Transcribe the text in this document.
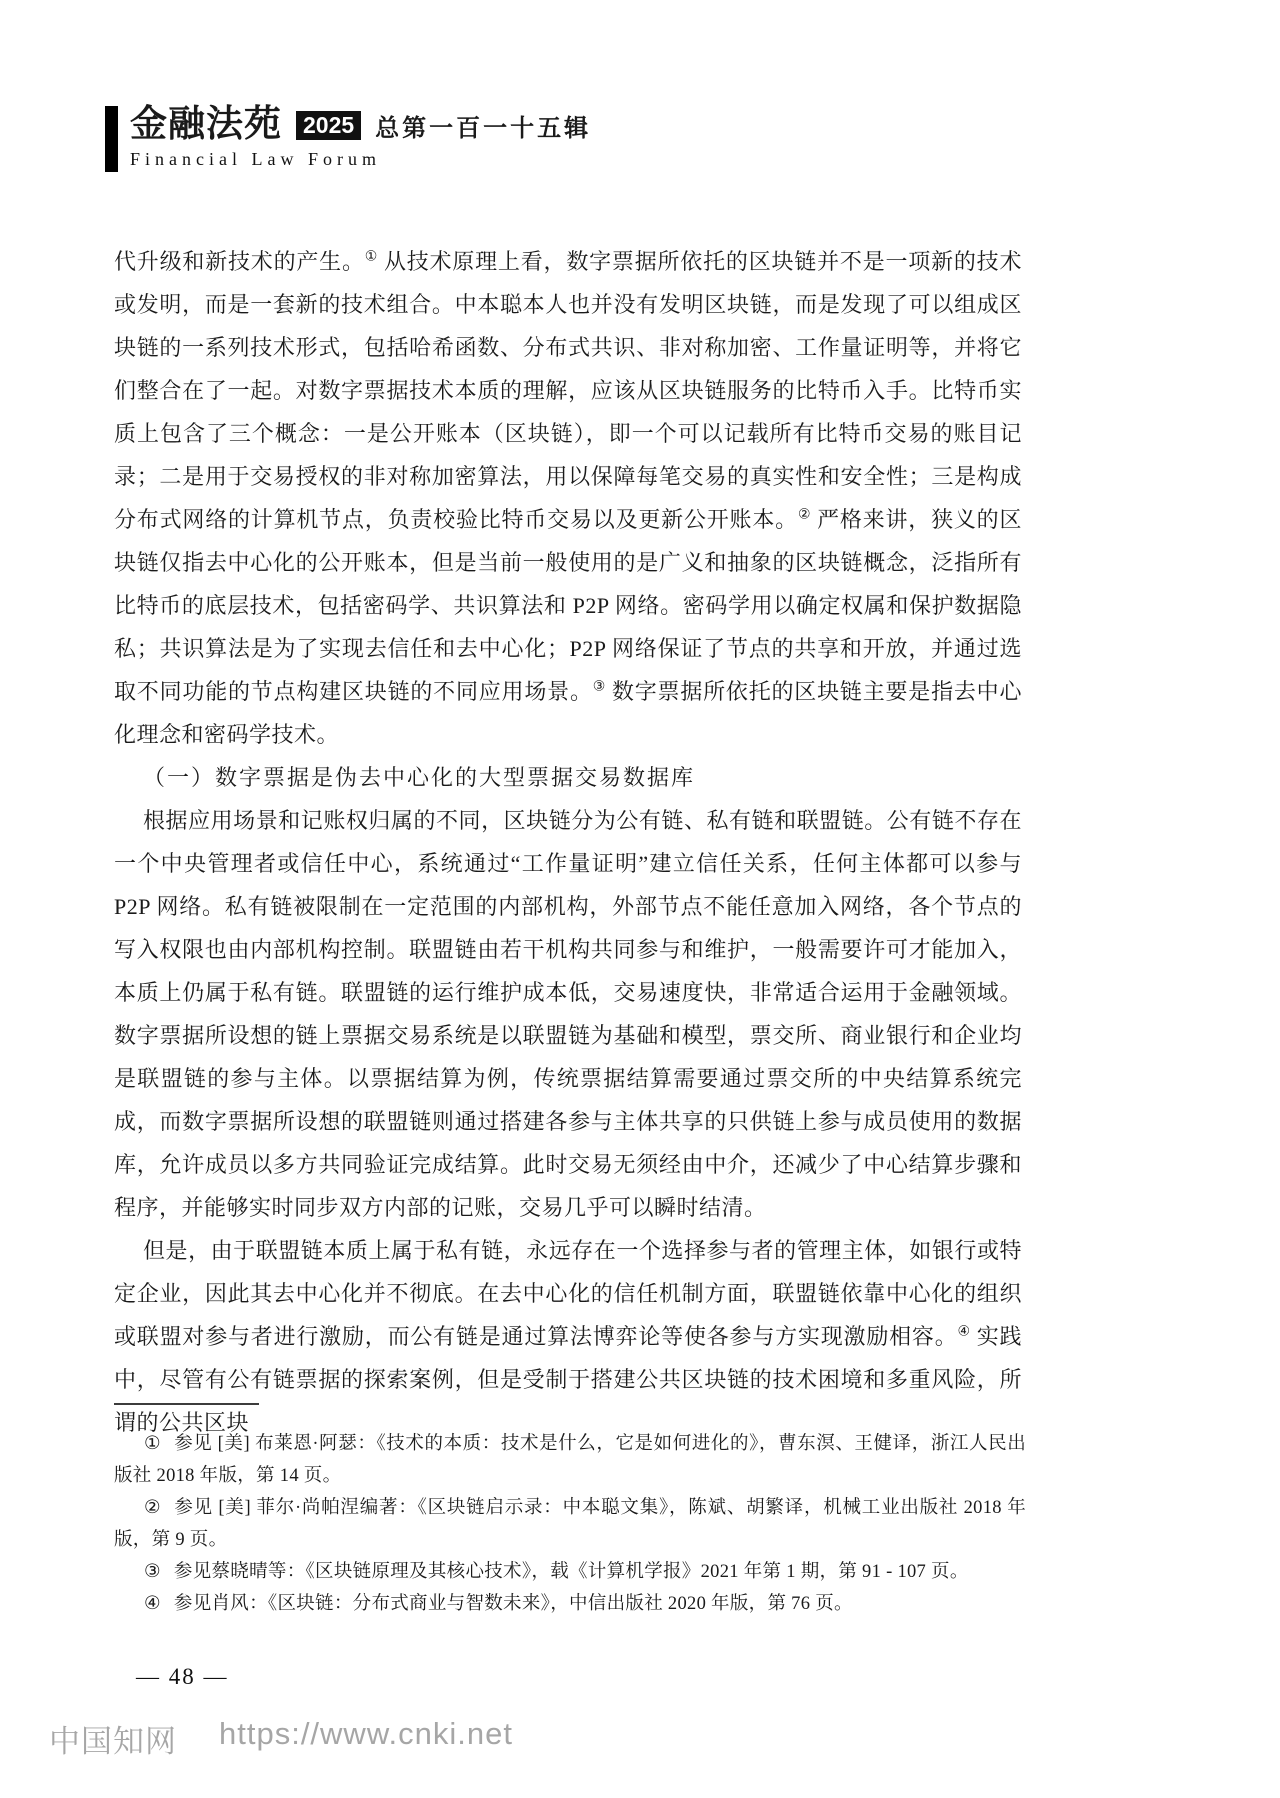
金融法苑 2025 总第一百一十五辑
Financial Law Forum

代升级和新技术的产生。① 从技术原理上看，数字票据所依托的区块链并不是一项新的技术或发明，而是一套新的技术组合。中本聪本人也并没有发明区块链，而是发现了可以组成区块链的一系列技术形式，包括哈希函数、分布式共识、非对称加密、工作量证明等，并将它们整合在了一起。对数字票据技术本质的理解，应该从区块链服务的比特币入手。比特币实质上包含了三个概念：一是公开账本（区块链），即一个可以记载所有比特币交易的账目记录；二是用于交易授权的非对称加密算法，用以保障每笔交易的真实性和安全性；三是构成分布式网络的计算机节点，负责校验比特币交易以及更新公开账本。② 严格来讲，狭义的区块链仅指去中心化的公开账本，但是当前一般使用的是广义和抽象的区块链概念，泛指所有比特币的底层技术，包括密码学、共识算法和 P2P 网络。密码学用以确定权属和保护数据隐私；共识算法是为了实现去信任和去中心化；P2P 网络保证了节点的共享和开放，并通过选取不同功能的节点构建区块链的不同应用场景。③ 数字票据所依托的区块链主要是指去中心化理念和密码学技术。

（一）数字票据是伪去中心化的大型票据交易数据库

根据应用场景和记账权归属的不同，区块链分为公有链、私有链和联盟链。公有链不存在一个中央管理者或信任中心，系统通过“工作量证明”建立信任关系，任何主体都可以参与 P2P 网络。私有链被限制在一定范围的内部机构，外部节点不能任意加入网络，各个节点的写入权限也由内部机构控制。联盟链由若干机构共同参与和维护，一般需要许可才能加入，本质上仍属于私有链。联盟链的运行维护成本低，交易速度快，非常适合运用于金融领域。数字票据所设想的链上票据交易系统是以联盟链为基础和模型，票交所、商业银行和企业均是联盟链的参与主体。以票据结算为例，传统票据结算需要通过票交所的中央结算系统完成，而数字票据所设想的联盟链则通过搭建各参与主体共享的只供链上参与成员使用的数据库，允许成员以多方共同验证完成结算。此时交易无须经由中介，还减少了中心结算步骤和程序，并能够实时同步双方内部的记账，交易几乎可以瞬时结清。

但是，由于联盟链本质上属于私有链，永远存在一个选择参与者的管理主体，如银行或特定企业，因此其去中心化并不彻底。在去中心化的信任机制方面，联盟链依靠中心化的组织或联盟对参与者进行激励，而公有链是通过算法博弈论等使各参与方实现激励相容。④ 实践中，尽管有公有链票据的探索案例，但是受制于搭建公共区块链的技术困境和多重风险，所谓的公共区块

① 参见 [美] 布莱恩·阿瑟：《技术的本质：技术是什么，它是如何进化的》，曹东溟、王健译，浙江人民出版社 2018 年版，第 14 页。

② 参见 [美] 菲尔·尚帕涅编著：《区块链启示录：中本聪文集》，陈斌、胡繁译，机械工业出版社 2018 年版，第 9 页。

③ 参见蔡晓晴等：《区块链原理及其核心技术》，载《计算机学报》2021 年第 1 期，第 91 - 107 页。

④ 参见肖风：《区块链：分布式商业与智数未来》，中信出版社 2020 年版，第 76 页。

— 48 —
中国知网 https://www.cnki.net
